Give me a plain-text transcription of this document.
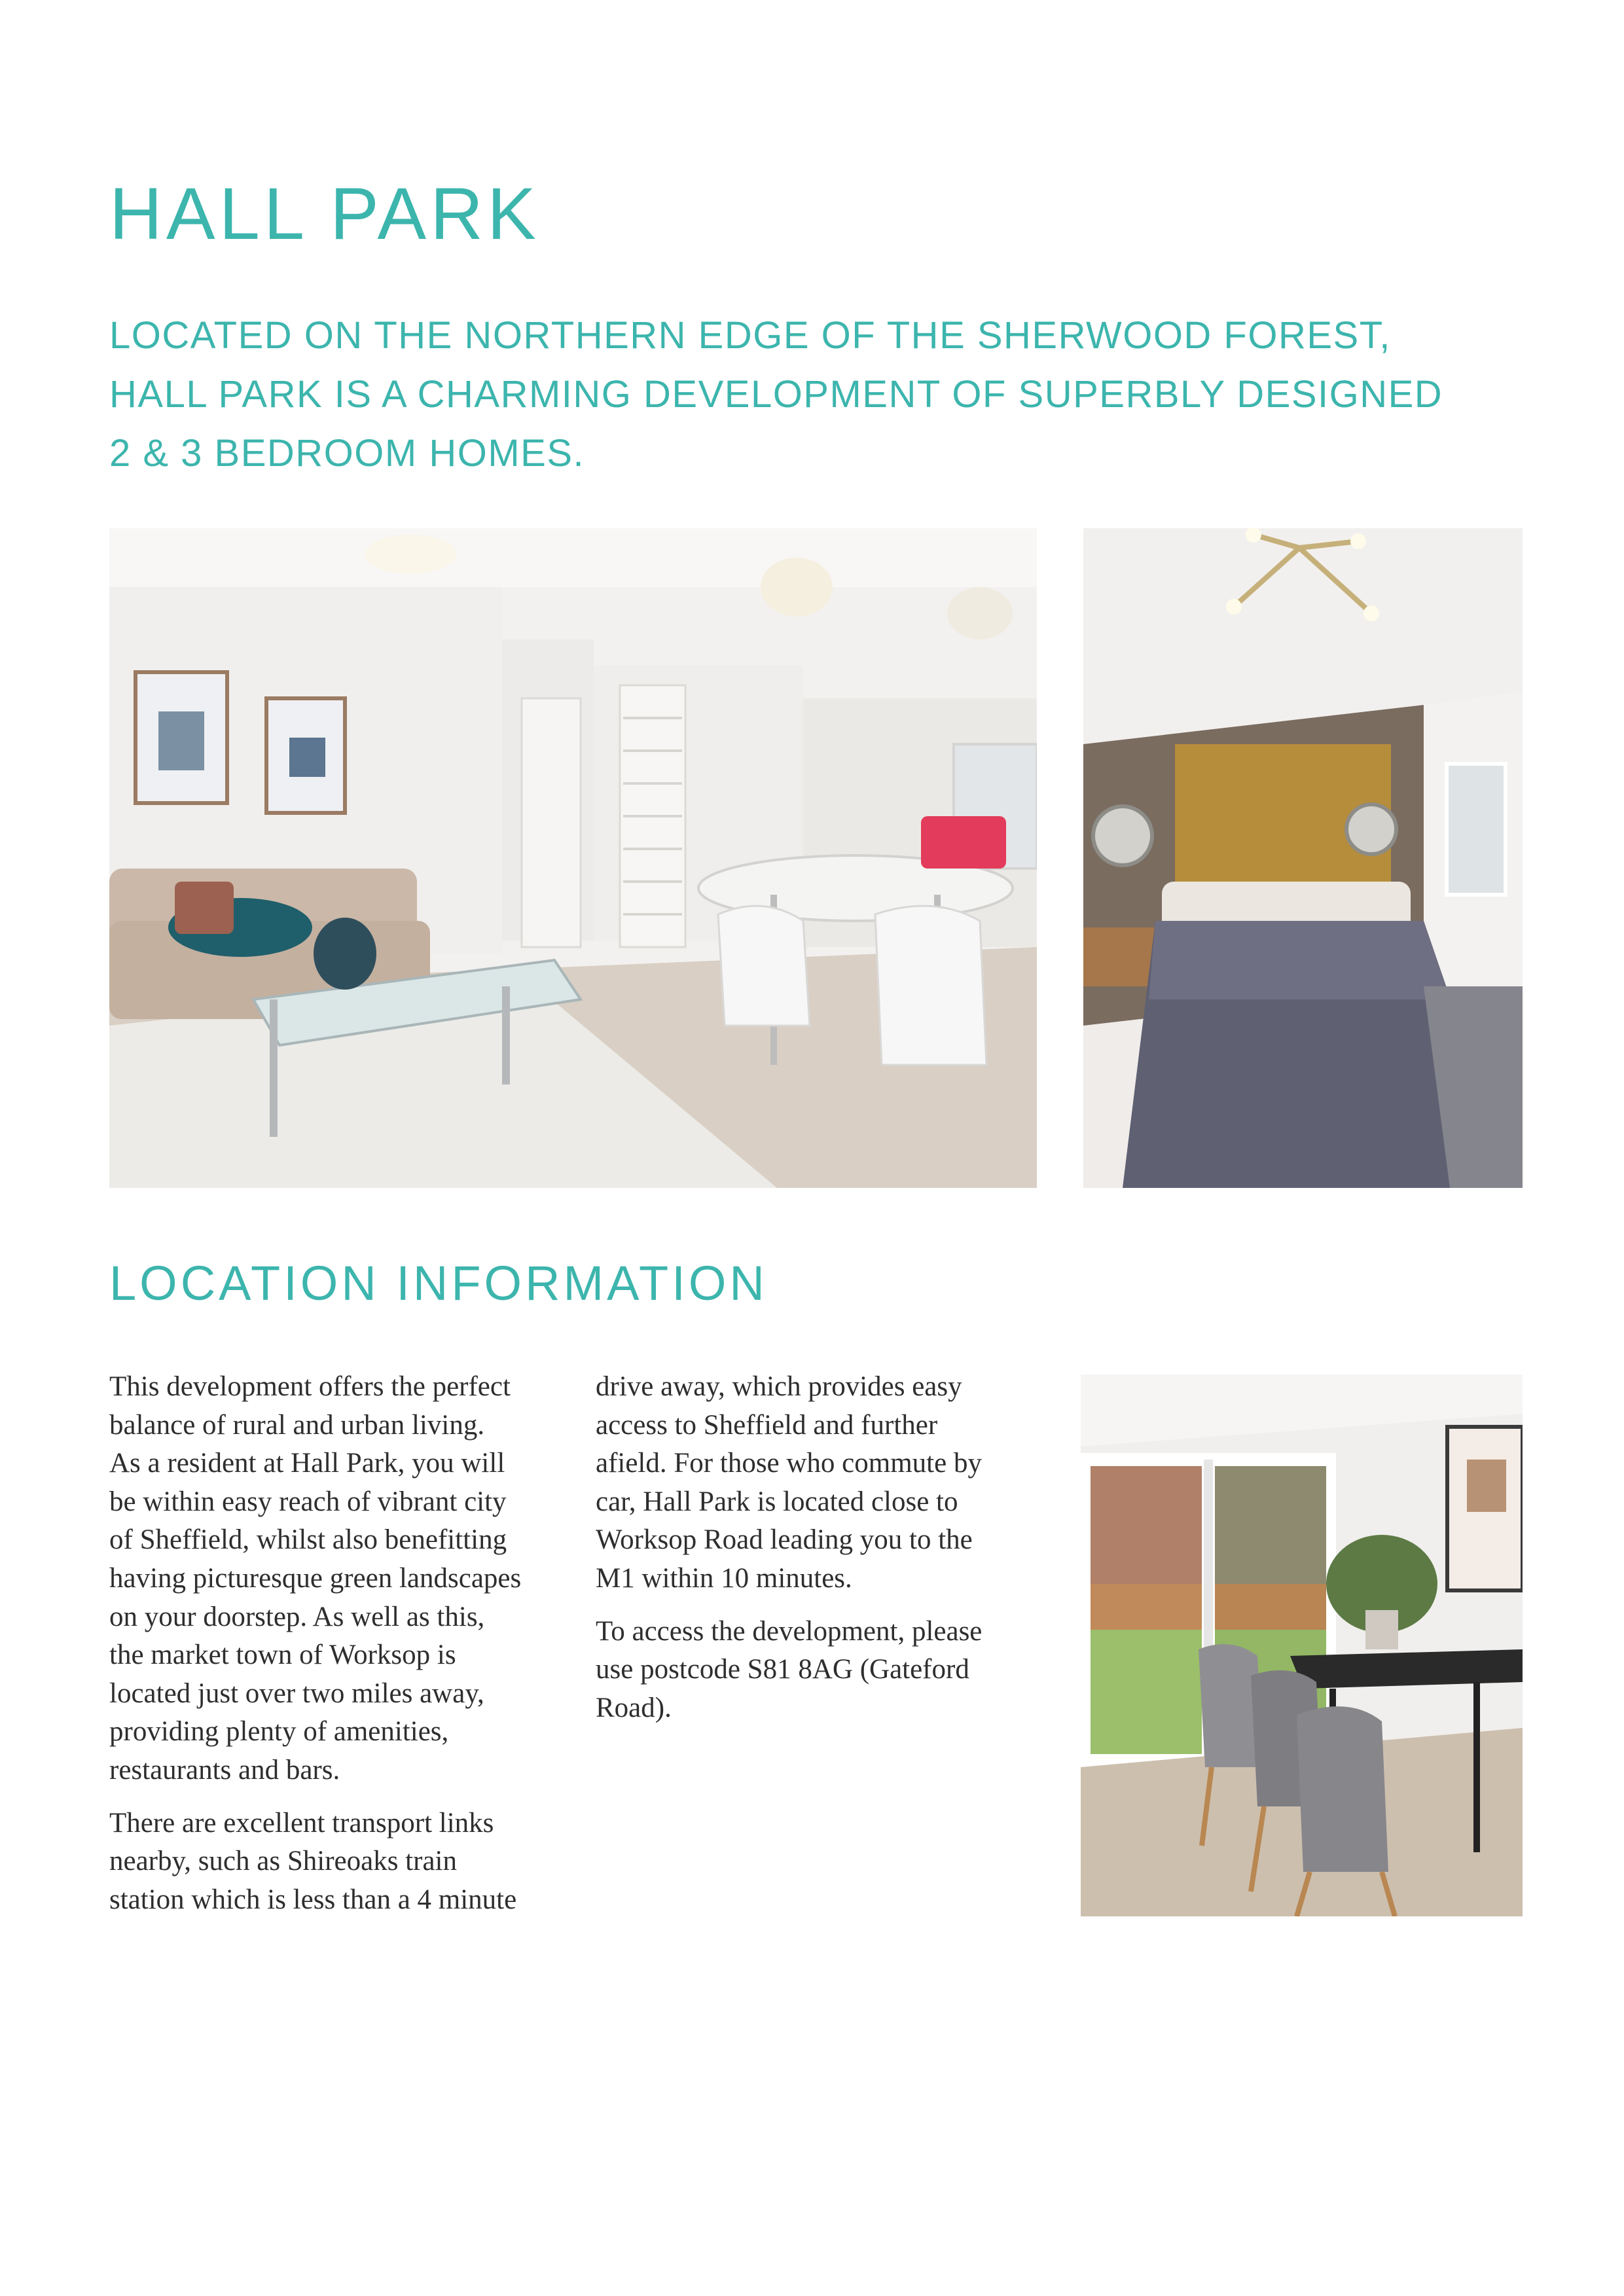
HALL PARK
LOCATED ON THE NORTHERN EDGE OF THE SHERWOOD FOREST,
HALL PARK IS A CHARMING DEVELOPMENT OF SUPERBLY DESIGNED
2 & 3 BEDROOM HOMES.
LOCATION INFORMATION

This development offers the perfect
balance of rural and urban living.
As a resident at Hall Park, you will
be within easy reach of vibrant city
of Sheffield, whilst also benefitting
having picturesque green landscapes
on your doorstep. As well as this,
the market town of Worksop is
located just over two miles away,
providing plenty of amenities,
restaurants and bars.

There are excellent transport links
nearby, such as Shireoaks train
station which is less than a 4 minute

drive away, which provides easy
access to Sheffield and further
afield. For those who commute by
car, Hall Park is located close to
Worksop Road leading you to the
M1 within 10 minutes.

To access the development, please
use postcode S81 8AG (Gateford
Road).
